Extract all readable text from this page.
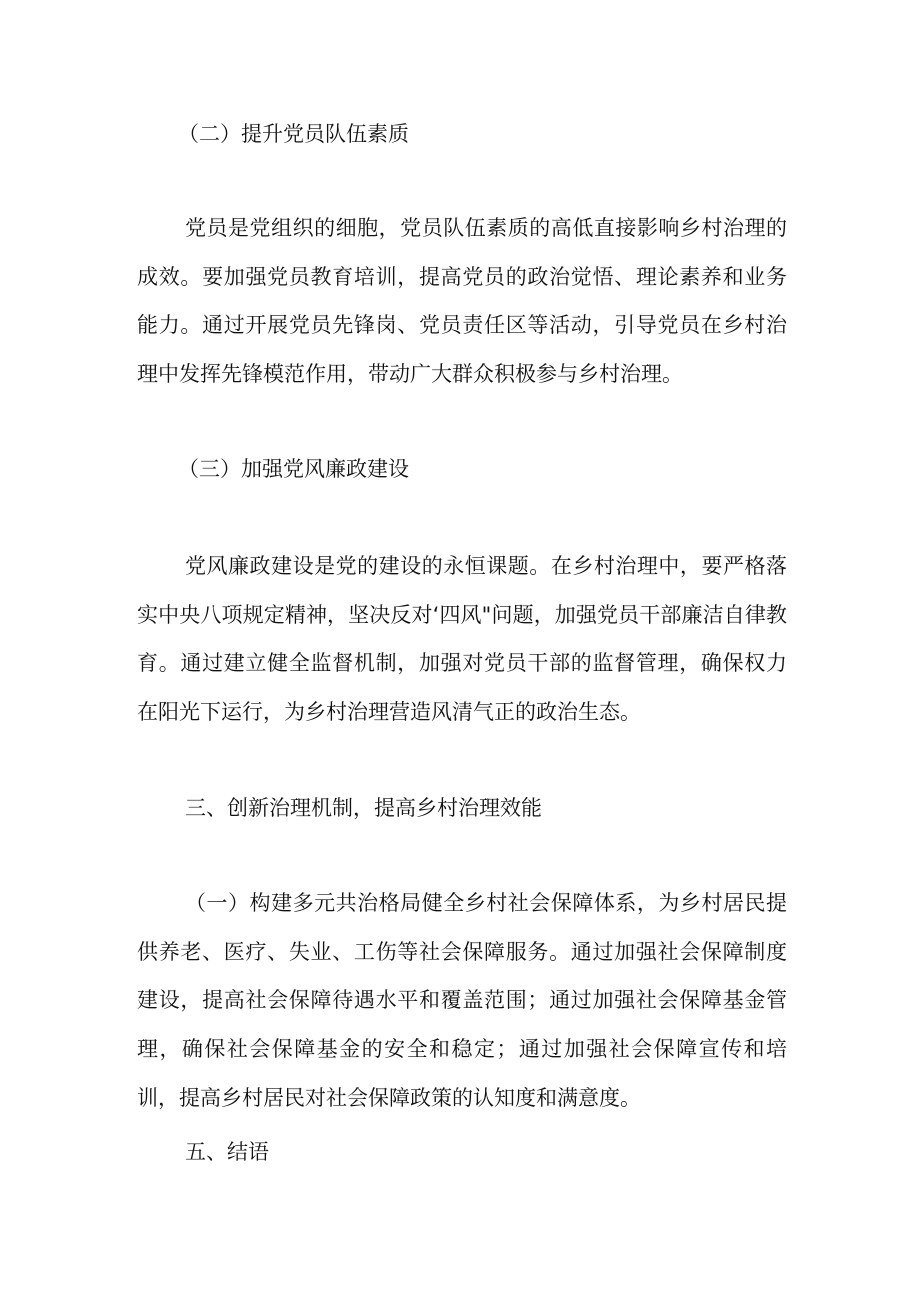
（二）提升党员队伍素质

党员是党组织的细胞，党员队伍素质的高低直接影响乡村治理的成效。要加强党员教育培训，提高党员的政治觉悟、理论素养和业务能力。通过开展党员先锋岗、党员责任区等活动，引导党员在乡村治理中发挥先锋模范作用，带动广大群众积极参与乡村治理。

（三）加强党风廉政建设

党风廉政建设是党的建设的永恒课题。在乡村治理中，要严格落实中央八项规定精神，坚决反对‘四风"问题，加强党员干部廉洁自律教育。通过建立健全监督机制，加强对党员干部的监督管理，确保权力在阳光下运行，为乡村治理营造风清气正的政治生态。

三、创新治理机制，提高乡村治理效能

（一）构建多元共治格局健全乡村社会保障体系，为乡村居民提供养老、医疗、失业、工伤等社会保障服务。通过加强社会保障制度建设，提高社会保障待遇水平和覆盖范围；通过加强社会保障基金管理，确保社会保障基金的安全和稳定；通过加强社会保障宣传和培训，提高乡村居民对社会保障政策的认知度和满意度。

五、结语
